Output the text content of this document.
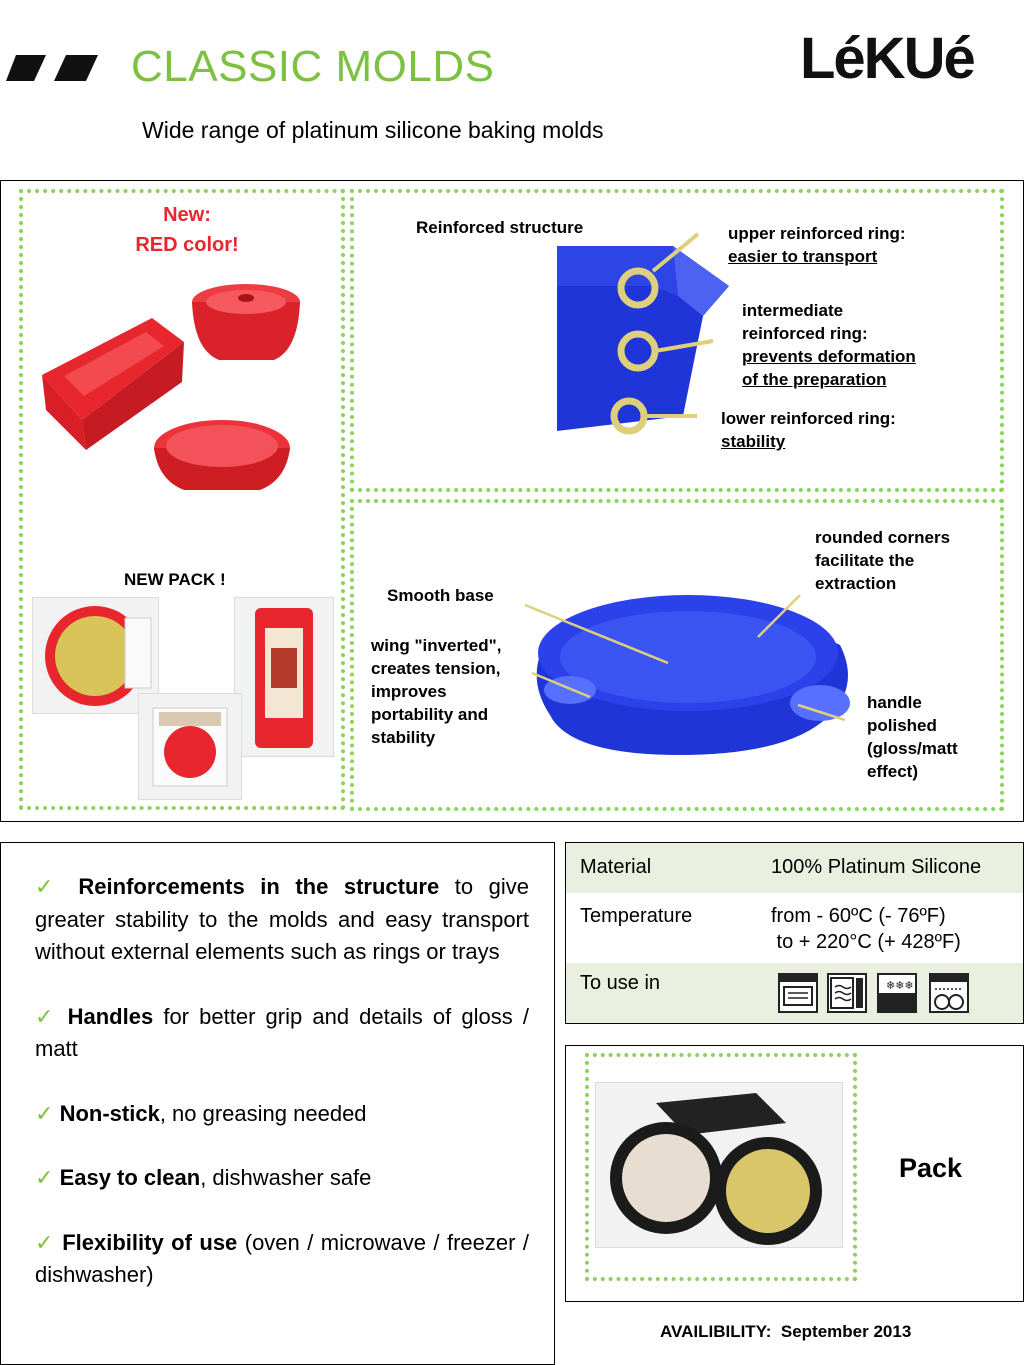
CLASSIC MOLDS
Wide range of platinum silicone baking molds
LéKUé
New:
RED color!
NEW PACK !
Reinforced structure	upper reinforced ring:
easier to transport
intermediate
reinforced ring:
prevents deformation
of the preparation
lower reinforced ring:
stability
Smooth base
rounded corners
facilitate the
extraction
wing "inverted",
creates tension,
improves
portability and
stability
handle
polished
(gloss/matt
effect)

✓ Reinforcements in the structure to give greater stability to the molds and easy transport without external elements such as rings or trays

✓ Handles for better grip and details of gloss / matt

✓ Non-stick, no greasing needed

✓ Easy to clean, dishwasher safe

✓ Flexibility of use (oven / microwave / freezer / dishwasher)

Material	100% Platinum Silicone
Temperature	from - 60ºC (- 76ºF)
to + 220°C (+ 428ºF)
To use in	❄❄❄
Pack
AVAILIBILITY:  September 2013
